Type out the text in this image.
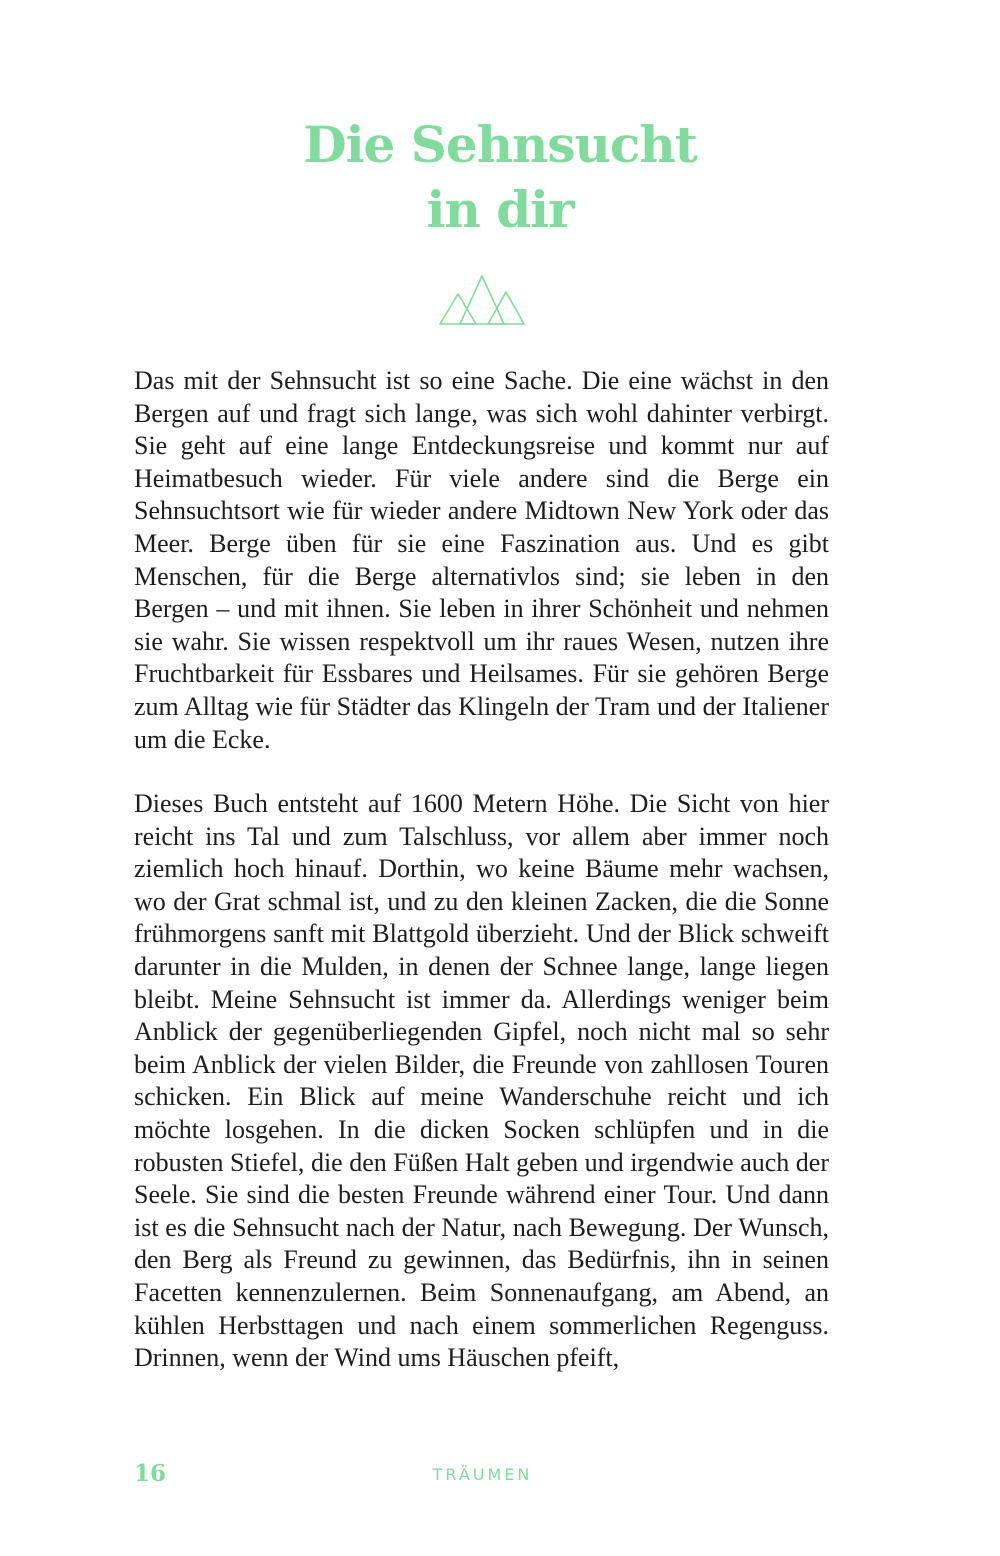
Die Sehnsucht
in dir

Das mit der Sehnsucht ist so eine Sache. Die eine wächst in den Bergen auf und fragt sich lange, was sich wohl dahinter verbirgt. Sie geht auf eine lange Entdeckungsreise und kommt nur auf Heimatbesuch wieder. Für viele andere sind die Berge ein Sehnsuchtsort wie für wieder andere Midtown New York oder das Meer. Berge üben für sie eine Faszination aus. Und es gibt Menschen, für die Berge alternativlos sind; sie leben in den Bergen – und mit ihnen. Sie leben in ihrer Schönheit und nehmen sie wahr. Sie wissen respektvoll um ihr raues Wesen, nutzen ihre Fruchtbarkeit für Essbares und Heilsames. Für sie gehören Berge zum Alltag wie für Städter das Klingeln der Tram und der Italiener um die Ecke.

Dieses Buch entsteht auf 1600 Metern Höhe. Die Sicht von hier reicht ins Tal und zum Talschluss, vor allem aber immer noch ziemlich hoch hinauf. Dorthin, wo keine Bäume mehr wachsen, wo der Grat schmal ist, und zu den kleinen Zacken, die die Sonne frühmorgens sanft mit Blattgold überzieht. Und der Blick schweift darunter in die Mulden, in denen der Schnee lange, lange liegen bleibt. Meine Sehnsucht ist immer da. Allerdings weniger beim Anblick der gegenüberliegenden Gipfel, noch nicht mal so sehr beim Anblick der vielen Bilder, die Freunde von zahllosen Touren schicken. Ein Blick auf meine Wanderschuhe reicht und ich möchte losgehen. In die dicken Socken schlüpfen und in die robusten Stiefel, die den Füßen Halt geben und irgendwie auch der Seele. Sie sind die besten Freunde während einer Tour. Und dann ist es die Sehnsucht nach der Natur, nach Bewegung. Der Wunsch, den Berg als Freund zu gewinnen, das Bedürfnis, ihn in seinen Facetten kennenzulernen. Beim Sonnenaufgang, am Abend, an kühlen Herbsttagen und nach einem sommerlichen Regenguss. Drinnen, wenn der Wind ums Häuschen pfeift,

16	TRÄUMEN
